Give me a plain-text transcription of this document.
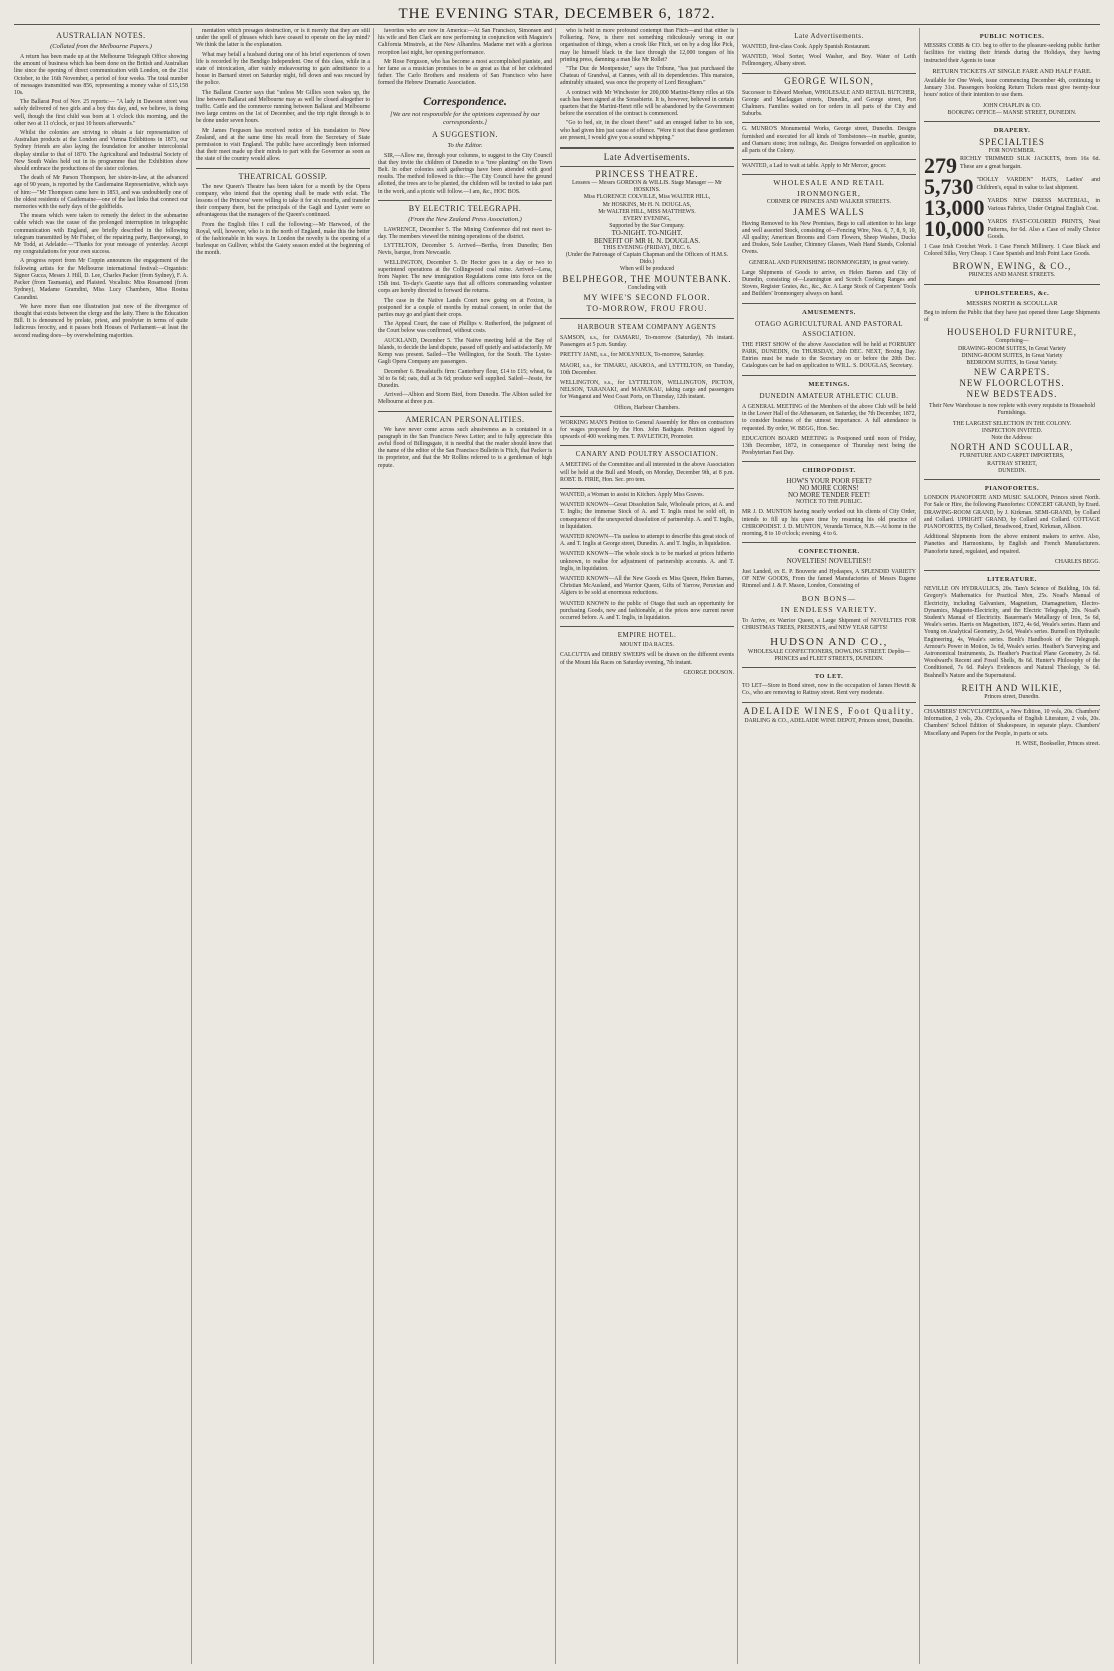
THE EVENING STAR, DECEMBER 6, 1872.
AUSTRALIAN NOTES.
(Collated from the Melbourne Papers.)

A return has been made up at the Melbourne Telegraph Office showing the amount of business which has been done on the British and Australian line since the opening of direct communication with London, on the 21st October, to the 16th November, a period of four weeks. The total number of messages transmitted was 856, representing a money value of £15,158 10s.

The Ballarat Post of Nov. 25 reports:— "A lady in Dawson street was safely delivered of two girls and a boy this day, and, we believe, is doing well, though the first child was born at 1 o'clock this morning, and the other two at 11 o'clock, or just 10 hours afterwards."

Whilst the colonies are striving to obtain a fair representation of Australian products at the London and Vienna Exhibitions in 1873, our Sydney friends are also laying the foundation for another intercolonial display similar to that of 1870. The Agricultural and Industrial Society of New South Wales held out in its programme that the Exhibition show should embrace the productions of the sister colonies.

The death of Mr Parson Thompson, her sister-in-law, at the advanced age of 90 years, is reported by the Castlemaine Representative, which says of him:—"Mr Thompson came here in 1853, and was undoubtedly one of the oldest residents of Castlemaine—one of the last links that connect our memories with the early days of the goldfields.

The means which were taken to remedy the defect in the submarine cable which was the cause of the prolonged interruption in telegraphic communication with England, are briefly described in the following telegram transmitted by Mr Fisher, of the repairing party, Banjoewangi, to Mr Todd, at Adelaide:—"Thanks for your message of yesterday. Accept my congratulations for your own success.

A progress report from Mr Coppin announces the engagement of the following artists for the Melbourne international festival:—Organists: Signor Gucca, Messrs J. Hill, D. Lee, Charles Packer (from Sydney), F. A. Packer (from Tasmania), and Plaisted. Vocalists: Miss Rosamond (from Sydney), Madame Gramdini, Miss Lucy Chambers, Miss Rosina Carandini.

We have more than one illustration just now of the divergence of thought that exists between the clergy and the laity. There is the Education Bill. It is denounced by prelate, priest, and presbyter in terms of quite ludicrous ferocity, and it passes both Houses of Parliament—at least the second reading does—by overwhelming majorities.

mentation which presages destruction, or is it merely that they are still under the spell of phrases which have ceased to operate on the lay mind? We think the latter is the explanation.

What may befall a husband during one of his brief experiences of town life is recorded by the Bendigo Independent. One of this class, while in a state of intoxication, after vainly endeavouring to gain admittance to a house in Barnard street on Saturday night, fell down and was rescued by the police.

The Ballarat Courier says that "unless Mr Gillies soon wakes up, the line between Ballarat and Melbourne may as well be closed altogether to traffic. Cattle and the commerce running between Ballarat and Melbourne two large centres on the 1st of December, and the trip right through is to be done under seven hours.

Mr James Ferguson has received notice of his translation to New Zealand, and at the same time his recall from the Secretary of State permission to visit England. The public have accordingly been informed that their meet made up their minds to part with the Governor as soon as the state of the country would allow.

THEATRICAL GOSSIP.

The new Queen's Theatre has been taken for a month by the Opera company, who intend that the opening shall be made with eclat. The lessons of the Princess' were willing to take it for six months, and transfer their company there, but the principals of the Gagli and Lyster were so advantageous that the managers of the Queen's continued.

From the English files I cull the following:—Mr Harwood, of the Royal, will, however, who is in the north of England, make this the better of the fashionable in his ways. In London the novelty is the opening of a burlesque on Gulliver, whilst the Gaiety season ended at the beginning of the month.

favorites who are now in America:—At San Francisco, Simonsen and his wife and Ben Clark are now performing in conjunction with Maguire's California Minstrels, at the New Alhambra. Madame met with a glorious reception last night, her opening performance.

Mr Rose Ferguson, who has become a most accomplished pianiste, and her fame as a musician promises to be as great as that of her celebrated father. The Carlo Brothers and residents of San Francisco who have formed the Hebrew Dramatic Association.

Correspondence.
[We are not responsible for the opinions expressed by our correspondents.]
A SUGGESTION.
To the Editor.

SIR,—Allow me, through your columns, to suggest to the City Council that they invite the children of Dunedin to a "tree planting" on the Town Belt. In other colonies such gatherings have been attended with good results. The method followed is this:—The City Council have the ground allotted, the trees are to be planted, the children will be invited to take part in the work, and a picnic will follow.—I am, &c., HOC BOS.

BY ELECTRIC TELEGRAPH.
(From the New Zealand Press Association.)

LAWRENCE, December 5. The Mining Conference did not meet to-day. The members viewed the mining operations of the district.

LYTTELTON, December 5. Arrived—Bertha, from Dunedin; Ben Nevis, barque, from Newcastle.

WELLINGTON, December 5. Dr Hector goes in a day or two to superintend operations at the Collingwood coal mine. Arrived—Lena, from Napier. The new immigration Regulations come into force on the 15th inst. To-day's Gazette says that all officers commanding volunteer corps are hereby directed to forward the returns.

The case in the Native Lands Court now going on at Foxton, is postponed for a couple of months by mutual consent, in order that the parties may go and plant their crops.

The Appeal Court, the case of Phillips v. Rutherford, the judgment of the Court below was confirmed, without costs.

AUCKLAND, December 5. The Native meeting held at the Bay of Islands, to decide the land dispute, passed off quietly and satisfactorily. Mr Kemp was present. Sailed—The Wellington, for the South. The Lyster-Gagli Opera Company are passengers.

December 6. Breadstuffs firm: Canterbury flour, £14 to £15; wheat, 6s 3d to 6s 6d; oats, dull at 3s 6d; produce well supplied. Sailed—Jessie, for Dunedin.

Arrived—Albion and Storm Bird, from Dunedin. The Albion sailed for Melbourne at three p.m.

AMERICAN PERSONALITIES.

We have never come across such abusiveness as is contained in a paragraph in the San Francisco News Letter; and to fully appreciate this awful flood of Billingsgate, it is needful that the reader should know that the name of the editor of the San Francisco Bulletin is Fitch, that Packer is its proprietor, and that the Mr Rollins referred to is a gentleman of high repute.

who is held in more profound contempt than Fitch—and that either is Folkering. Now, is there not something ridiculously wrong in our organisation of things, when a crook like Fitch, set on by a dog like Pick, may lie himself black in the face through the 12,000 tongues of his printing press, damning a man like Mr Rollet?

"The Duc de Montpensier," says the Tribune, "has just purchased the Chateau of Grandval, at Cannes, with all its dependencies. This mansion, admirably situated, was once the property of Lord Brougham."

A contract with Mr Winchester for 200,000 Martini-Henry rifles at 60s each has been signed at the Sorasbierte. It is, however, believed in certain quarters that the Martini-Henri rifle will be abandoned by the Government before the execution of the contract is commenced.

"Go to bed, sir, in the closet there!" said an enraged father to his son, who had given him just cause of offence. "Were it not that these gentlemen are present, I would give you a sound whipping."

Late Advertisements.
PRINCESS THEATRE.
Lessees — Messrs GORDON & WILLIS. Stage Manager — Mr HOSKINS.
Miss FLORENCE COLVILLE, Miss WALTER HILL,
Mr HOSKINS, Mr H. N. DOUGLAS,
Mr WALTER HILL, MISS MATTHEWS.
EVERY EVENING,
Supported by the Star Company.
TO-NIGHT. TO-NIGHT.
BENEFIT OF MR H. N. DOUGLAS.
THIS EVENING (FRIDAY), DEC. 6.
(Under the Patronage of Captain Chapman and the Officers of H.M.S. Dido.)
When will be produced
BELPHEGOR, THE MOUNTEBANK.
Concluding with
MY WIFE'S SECOND FLOOR.
TO-MORROW, FROU FROU.
HARBOUR STEAM COMPANY AGENTS
SAMSON, s.s., for OAMARU, To-morrow (Saturday), 7th instant. Passengers at 5 p.m. Sunday.
PRETTY JANE, s.s., for MOLYNEUX, To-morrow, Saturday.
MAORI, s.s., for TIMARU, AKAROA, and LYTTELTON, on Tuesday, 10th December.
WELLINGTON, s.s., for LYTTELTON, WELLINGTON, PICTON, NELSON, TARANAKI, and MANUKAU, taking cargo and passengers for Wanganui and West Coast Ports, on Thursday, 12th instant.
Offices, Harbour Chambers.
WORKING MAN'S Petition to General Assembly for 8hrs on contractors for wages proposed by the Hon. John Bathgate. Petition signed by upwards of 400 working men. T. PAVLETICH, Promoter.
CANARY AND POULTRY ASSOCIATION.
A MEETING of the Committee and all interested in the above Association will be held at the Bull and Mouth, on Monday, December 9th, at 8 p.m. ROBT. B. FIRIE, Hon. Sec. pro tem.
WANTED, a Woman to assist in Kitchen. Apply Miss Graves.
WANTED KNOWN—Great Dissolution Sale, Wholesale prices, at A. and T. Inglis; the immense Stock of A. and T. Inglis must be sold off, in consequence of the unexpected dissolution of partnership. A. and T. Inglis, in liquidation.
WANTED KNOWN—Tis useless to attempt to describe this great stock of A. and T. Inglis at George street, Dunedin. A. and T. Inglis, in liquidation.
WANTED KNOWN—The whole stock is to be marked at prices hitherto unknown, to realise for adjustment of partnership accounts. A. and T. Inglis, in liquidation.
WANTED KNOWN—All the New Goods ex Miss Queen, Helen Barnes, Christian McAusland, and Warrior Queen, Gifts of Yarrow, Peruvian and Algiers to be sold at enormous reductions.
WANTED KNOWN to the public of Otago that such an opportunity for purchasing Goods, new and fashionable, at the prices now current never occurred before. A. and T. Inglis, in liquidation.
EMPIRE HOTEL.
MOUNT IDA RACES.
CALCUTTA and DERBY SWEEPS will be drawn on the different events of the Mount Ida Races on Saturday evening, 7th instant.
GEORGE DOUSON.
Late Advertisements.
WANTED, first-class Cook. Apply Spanish Restaurant.
WANTED, Wool Sorter, Wool Washer, and Boy. Water of Leith Fellmongery, Albany street.
GEORGE WILSON,
Successor to Edward Meehan, WHOLESALE AND RETAIL BUTCHER, George and Maclaggan streets, Dunedin, and George street, Port Chalmers. Families waited on for orders in all parts of the City and Suburbs.
G. MUNRO'S Monumental Works, George street, Dunedin. Designs furnished and executed for all kinds of Tombstones—in marble, granite, and Oamaru stone; iron railings, &c. Designs forwarded on application to all parts of the Colony.
WANTED, a Lad to wait at table. Apply to Mr Mercer, grocer.
WHOLESALE AND RETAIL IRONMONGER,
CORNER OF PRINCES AND WALKER STREETS.
JAMES WALLS
Having Removed to his New Premises, Begs to call attention to his large and well assorted Stock, consisting of—Fencing Wire, Nos. 6, 7, 8, 9, 10, All quality; American Brooms and Corn Flowers, Sheep Washes, Ducks and Drakes, Sole Leather, Chimney Glasses, Wash Hand Stands, Colonial Ovens.
GENERAL AND FURNISHING IRONMONGERY, in great variety.
Large Shipments of Goods to arrive, ex Helen Barnes and City of Dunedin, consisting of—Leamington and Scotch Cooking Ranges and Stoves, Register Grates, &c., &c., &c. A Large Stock of Carpenters' Tools and Builders' Ironmongery always on hand.
AMUSEMENTS.
OTAGO AGRICULTURAL AND PASTORAL ASSOCIATION.
THE FIRST SHOW of the above Association will be held at FORBURY PARK, DUNEDIN, On THURSDAY, 26th DEC. NEXT, Boxing Day. Entries must be made to the Secretary on or before the 20th Dec. Catalogues can be had on application to WILL. S. DOUGLAS, Secretary.
MEETINGS.
DUNEDIN AMATEUR ATHLETIC CLUB.
A GENERAL MEETING of the Members of the above Club will be held in the Lower Hall of the Athenaeum, on Saturday, the 7th December, 1872, to consider business of the utmost importance. A full attendance is requested. By order, W. BEGG, Hon. Sec.
EDUCATION BOARD MEETING is Postponed until noon of Friday, 13th December, 1872, in consequence of Thursday next being the Presbyterian Fast Day.
CHIROPODIST.
HOW'S YOUR POOR FEET?
NO MORE CORNS!
NO MORE TENDER FEET!
NOTICE TO THE PUBLIC.
MR J. D. MUNTON having nearly worked out his clients of City Order, intends to fill up his spare time by resuming his old practice of CHIROPODIST. J. D. MUNTON, Veranda Terrace, N.B.—At home in the morning, 8 to 10 o'clock; evening, 4 to 6.
CONFECTIONER.
NOVELTIES! NOVELTIES!!
Just Landed, ex E. P. Bouverie and Hydaspes, A SPLENDID VARIETY OF NEW GOODS, From the famed Manufactories of Messrs Eugene Rimmel and J. & F. Mason, London, Consisting of
BON BONS—
IN ENDLESS VARIETY.
To Arrive, ex Warrior Queen, a Large Shipment of NOVELTIES FOR CHRISTMAS TREES, PRESENTS, and NEW YEAR GIFTS!
HUDSON AND CO.,
WHOLESALE CONFECTIONERS, DOWLING STREET. Depôts— PRINCES and FLEET STREETS, DUNEDIN.
TO LET.
TO LET—Store in Bond street, now in the occupation of James Hewitt & Co., who are removing to Rattray street. Rent very moderate.
ADELAIDE WINES, Foot Quality.
DARLING & CO., ADELAIDE WINE DEPOT, Princes street, Dunedin.
PUBLIC NOTICES.
MESSRS COBB & CO. beg to offer to the pleasure-seeking public further facilities for visiting their friends during the Holidays, they having instructed their Agents to issue
RETURN TICKETS AT SINGLE FARE AND HALF FARE.
Available for One Week, issue commencing December 4th, continuing to January 31st. Passengers booking Return Tickets must give twenty-four hours' notice of their intention to use them.
JOHN CHAPLIN & CO.
BOOKING OFFICE— MANSE STREET, DUNEDIN.
DRAPERY.
SPECIALTIES
FOR NOVEMBER.
279 RICHLY TRIMMED SILK JACKETS, from 16s 6d. These are a great bargain.
5,730 "DOLLY VARDEN" HATS, Ladies' and Children's, equal in value to last shipment.
13,000 YARDS NEW DRESS MATERIAL, in Various Fabrics, Under Original English Cost.
10,000 YARDS FAST-COLORED PRINTS, Neat Patterns, for 6d. Also a Case of really Choice Goods.
1 Case Irish Crotchet Work. 1 Case French Millinery. 1 Case Black and Colored Silks, Very Cheap. 1 Case Spanish and Irish Point Lace Goods.
BROWN, EWING, & CO.,
PRINCES AND MANSE STREETS.
UPHOLSTERERS, &c.
MESSRS NORTH & SCOULLAR
Beg to inform the Public that they have just opened three Large Shipments of
HOUSEHOLD FURNITURE,
Comprising—
DRAWING-ROOM SUITES, In Great Variety
DINING-ROOM SUITES, In Great Variety
BEDROOM SUITES, In Great Variety.
NEW CARPETS.
NEW FLOORCLOTHS.
NEW BEDSTEADS.
Their New Warehouse is now replete with every requisite in Household Furnishings.
THE LARGEST SELECTION IN THE COLONY.
INSPECTION INVITED.
Note the Address:
NORTH AND SCOULLAR,
FURNITURE AND CARPET IMPORTERS,
RATTRAY STREET,
DUNEDIN.
PIANOFORTES.
LONDON PIANOFORTE AND MUSIC SALOON, Princes street North. For Sale or Hire, the following Pianofortes: CONCERT GRAND, by Erard. DRAWING-ROOM GRAND, by J. Kirkman. SEMI-GRAND, by Collard and Collard. UPRIGHT GRAND, by Collard and Collard. COTTAGE PIANOFORTES, By Collard, Broadwood, Erard, Kirkman, Allison.
Additional Shipments from the above eminent makers to arrive. Also, Pianettes and Harmoniums, by English and French Manufacturers. Pianoforte tuned, regulated, and repaired.
CHARLES BEGG.
LITERATURE.
NEVILLE ON HYDRAULICS, 20s. Tam's Science of Building, 10s 6d. Gregory's Mathematics for Practical Men, 25s. Noad's Manual of Electricity, including Galvanism, Magnetism, Diamagnetism, Electro-Dynamics, Magneto-Electricity, and the Electric Telegraph, 20s. Noad's Student's Manual of Electricity. Bauerman's Metallurgy of Iron, 5s 6d, Weale's series. Harris on Magnetism, 1872, 4s 6d, Weale's series. Hann and Young on Analytical Geometry, 2s 6d, Weale's series. Burnell on Hydraulic Engineering, 4s, Weale's series. Bonlt's Handbook of the Telegraph. Armour's Power in Motion, 3s 6d, Weale's series. Heather's Surveying and Astronomical Instruments, 2s. Heather's Practical Plane Geometry, 2s 6d. Woodward's Recent and Fossil Shells, 8s 6d. Hunter's Philosophy of the Conditioned, 7s 6d. Paley's Evidences and Natural Theology, 3s 6d. Bushnell's Nature and the Supernatural.
REITH AND WILKIE,
Princes street, Dunedin.
CHAMBERS' ENCYCLOPEDIA, a New Edition, 10 vols, 20s. Chambers' Information, 2 vols, 20s. Cyclopaedia of English Literature, 2 vols, 20s. Chambers' School Edition of Shakespeare, in separate plays. Chambers' Miscellany and Papers for the People, in parts or sets.
H. WISE, Bookseller, Princes street.
